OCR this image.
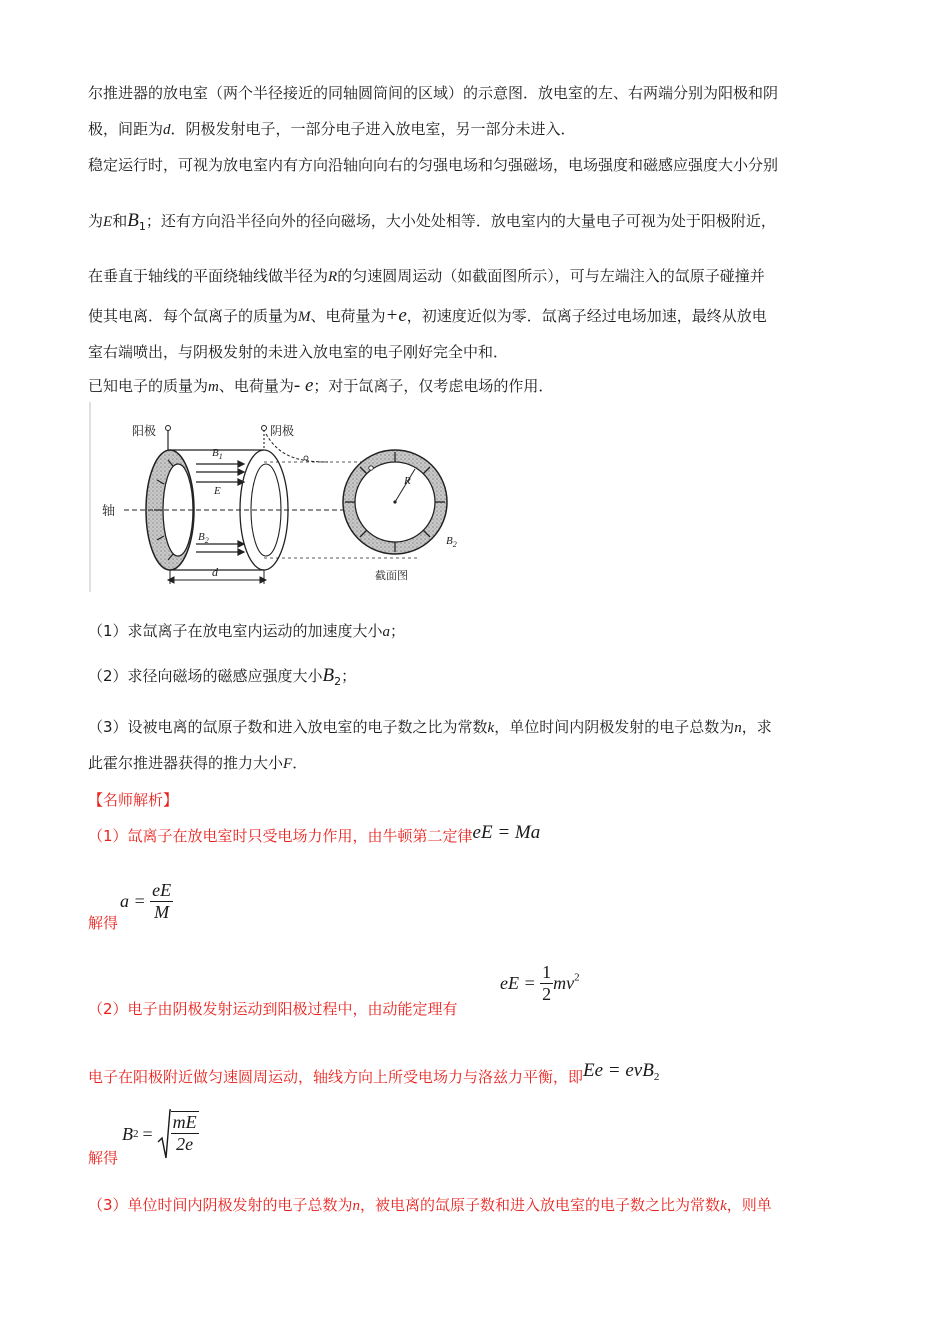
尔推进器的放电室（两个半径接近的同轴圆筒间的区域）的示意图．放电室的左、右两端分别为阳极和阴
极，间距为d．阴极发射电子，一部分电子进入放电室，另一部分未进入．
稳定运行时，可视为放电室内有方向沿轴向向右的匀强电场和匀强磁场，电场强度和磁感应强度大小分别
为E和$B_1$；还有方向沿半径向外的径向磁场，大小处处相等．放电室内的大量电子可视为处于阳极附近，
在垂直于轴线的平面绕轴线做半径为R的匀速圆周运动（如截面图所示），可与左端注入的氙原子碰撞并
使其电离．每个氙离子的质量为M、电荷量为+e，初速度近似为零．氙离子经过电场加速，最终从放电
室右端喷出，与阴极发射的未进入放电室的电子刚好完全中和．
已知电子的质量为m、电荷量为- e；对于氙离子，仅考虑电场的作用．
阳极	阴极
轴
$B_1$
E
$B_2$
d
R
$B_2$
截面图
（1）求氙离子在放电室内运动的加速度大小a；
（2）求径向磁场的磁感应强度大小$B_2$；
（3）设被电离的氙原子数和进入放电室的电子数之比为常数k，单位时间内阴极发射的电子总数为n，求
此霍尔推进器获得的推力大小F．
【名师解析】
（1）氙离子在放电室时只受电场力作用，由牛顿第二定律eE = Ma
解得
$a = \frac{eE}{M}$
（2）电子由阴极发射运动到阳极过程中，由动能定理有
eE = $\frac{1}{2} mv^2$
电子在阳极附近做匀速圆周运动，轴线方向上所受电场力与洛兹力平衡，即Ee = evB$_2$
解得
B $2 = \frac{mE}{2e}$
（3）单位时间内阴极发射的电子总数为n，被电离的氙原子数和进入放电室的电子数之比为常数k，则单
